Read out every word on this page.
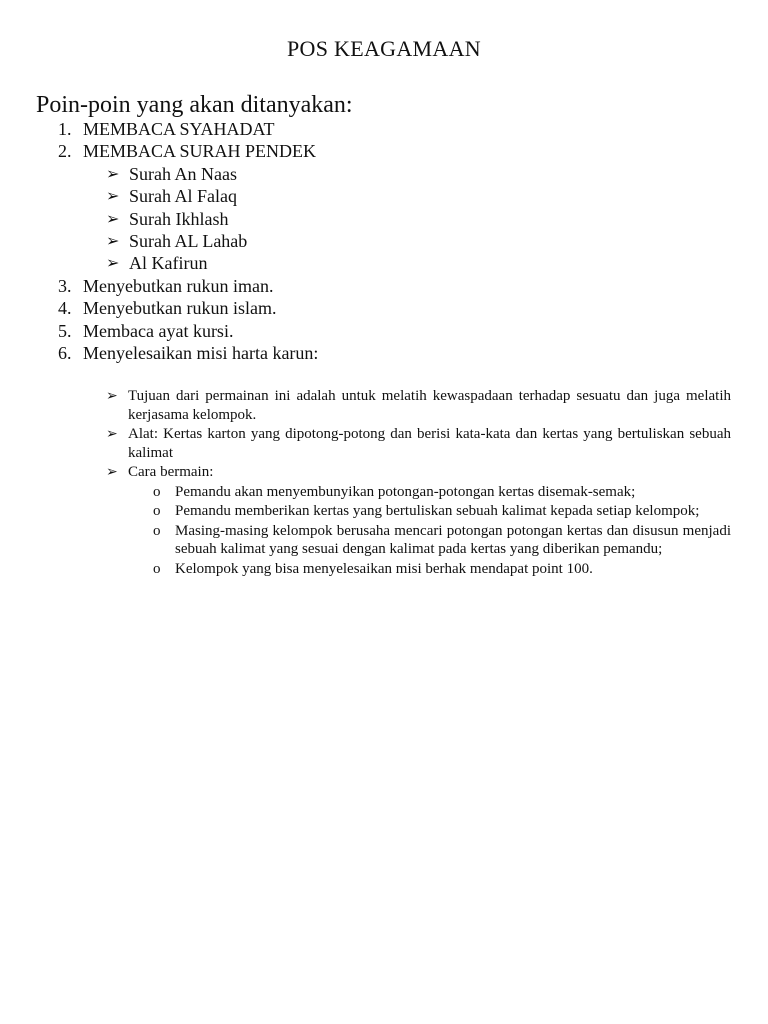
POS KEAGAMAAN
Poin-poin yang akan ditanyakan:
1. MEMBACA SYAHADAT
2. MEMBACA SURAH PENDEK
➢ Surah An Naas
➢ Surah Al Falaq
➢ Surah Ikhlash
➢ Surah AL Lahab
➢ Al Kafirun
3. Menyebutkan rukun iman.
4. Menyebutkan rukun islam.
5. Membaca ayat kursi.
6. Menyelesaikan misi harta karun:
➢ Tujuan dari permainan ini adalah untuk melatih kewaspadaan terhadap sesuatu dan juga melatih kerjasama kelompok.
➢ Alat: Kertas karton yang dipotong-potong dan berisi kata-kata dan kertas yang bertuliskan sebuah kalimat
➢ Cara bermain:
o Pemandu akan menyembunyikan potongan-potongan kertas disemak-semak;
o Pemandu memberikan kertas yang bertuliskan sebuah kalimat kepada setiap kelompok;
o Masing-masing kelompok berusaha mencari potongan potongan kertas dan disusun menjadi sebuah kalimat yang sesuai dengan kalimat pada kertas yang diberikan pemandu;
o Kelompok yang bisa menyelesaikan misi berhak mendapat point 100.
